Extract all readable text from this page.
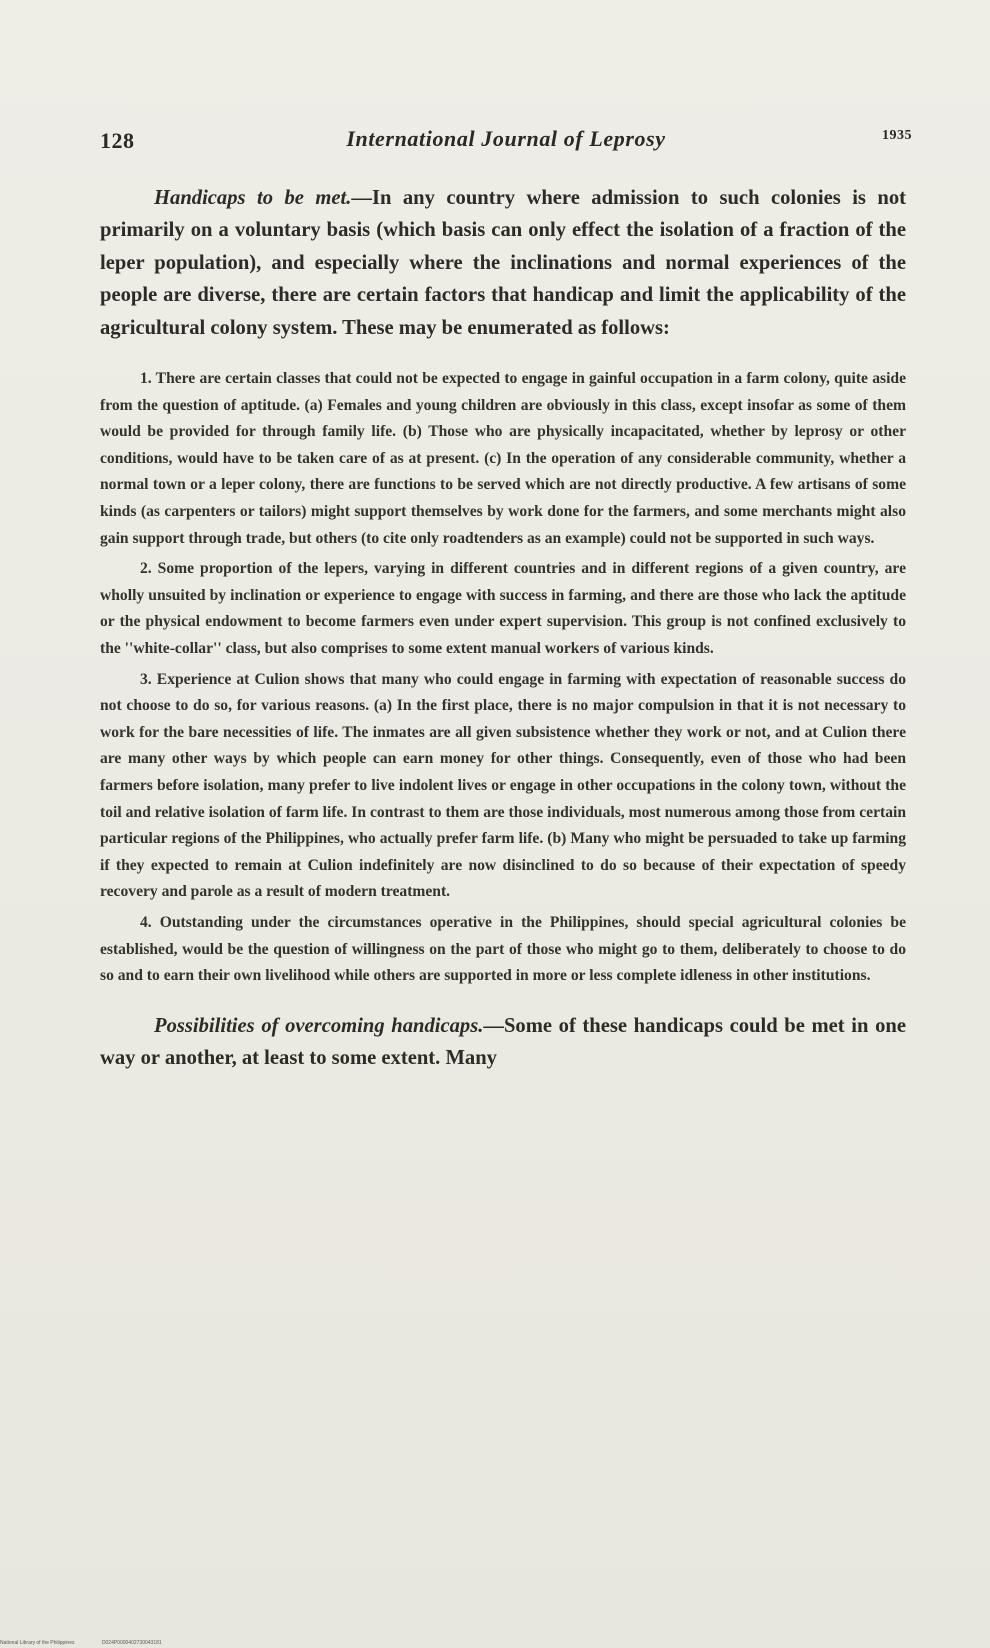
128	International Journal of Leprosy	1935

Handicaps to be met.—In any country where admission to such colonies is not primarily on a voluntary basis (which basis can only effect the isolation of a fraction of the leper population), and especially where the inclinations and normal experiences of the people are diverse, there are certain factors that handicap and limit the applicability of the agricultural colony system. These may be enumerated as follows:

1. There are certain classes that could not be expected to engage in gainful occupation in a farm colony, quite aside from the question of aptitude. (a) Females and young children are obviously in this class, except insofar as some of them would be provided for through family life. (b) Those who are physically incapacitated, whether by leprosy or other conditions, would have to be taken care of as at present. (c) In the operation of any considerable community, whether a normal town or a leper colony, there are functions to be served which are not directly productive. A few artisans of some kinds (as carpenters or tailors) might support themselves by work done for the farmers, and some merchants might also gain support through trade, but others (to cite only roadtenders as an example) could not be supported in such ways.

2. Some proportion of the lepers, varying in different countries and in different regions of a given country, are wholly unsuited by inclination or experience to engage with success in farming, and there are those who lack the aptitude or the physical endowment to become farmers even under expert supervision. This group is not confined exclusively to the ''white-collar'' class, but also comprises to some extent manual workers of various kinds.

3. Experience at Culion shows that many who could engage in farming with expectation of reasonable success do not choose to do so, for various reasons. (a) In the first place, there is no major compulsion in that it is not necessary to work for the bare necessities of life. The inmates are all given subsistence whether they work or not, and at Culion there are many other ways by which people can earn money for other things. Consequently, even of those who had been farmers before isolation, many prefer to live indolent lives or engage in other occupations in the colony town, without the toil and relative isolation of farm life. In contrast to them are those individuals, most numerous among those from certain particular regions of the Philippines, who actually prefer farm life. (b) Many who might be persuaded to take up farming if they expected to remain at Culion indefinitely are now disinclined to do so because of their expectation of speedy recovery and parole as a result of modern treatment.

4. Outstanding under the circumstances operative in the Philippines, should special agricultural colonies be established, would be the question of willingness on the part of those who might go to them, deliberately to choose to do so and to earn their own livelihood while others are supported in more or less complete idleness in other institutions.

Possibilities of overcoming handicaps.—Some of these handicaps could be met in one way or another, at least to some extent. Many

National Library of the Philippines	D024P0000402730043181
